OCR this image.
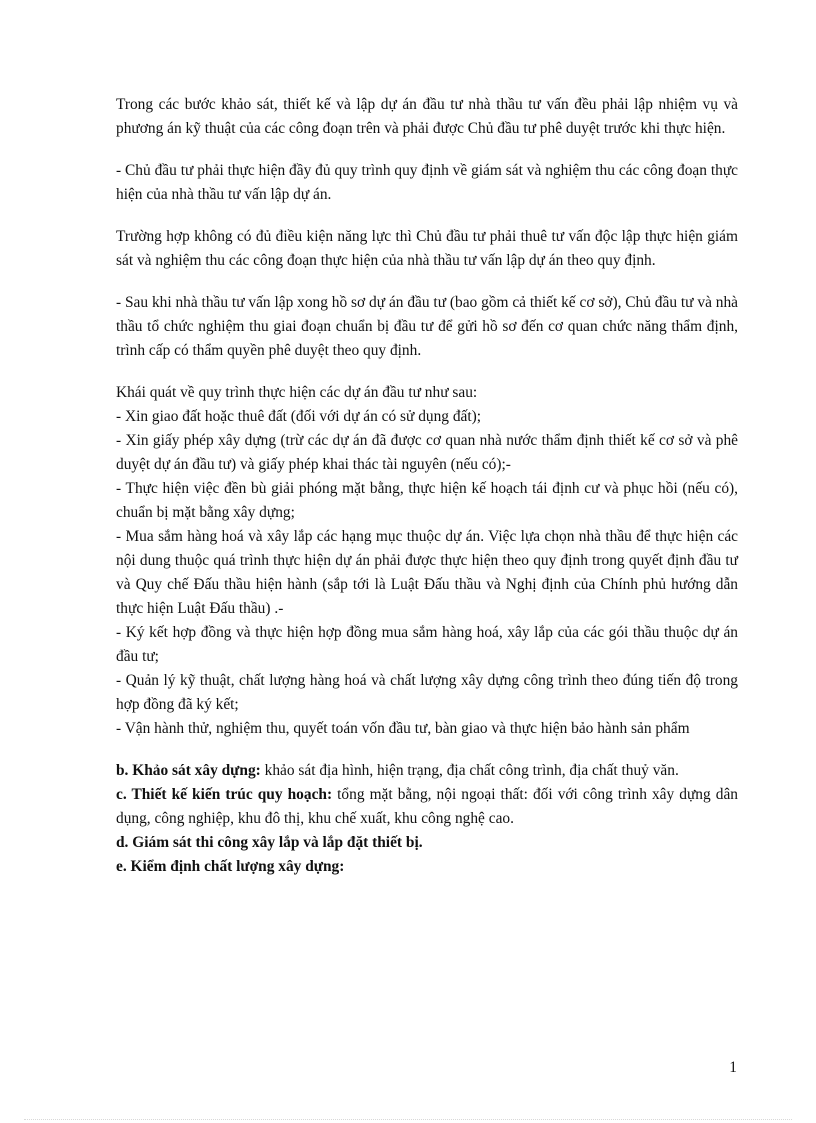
Trong các bước khảo sát, thiết kế và lập dự án đầu tư nhà thầu tư vấn đều phải lập nhiệm vụ và phương án kỹ thuật của các công đoạn trên và phải được Chủ đầu tư phê duyệt trước khi thực hiện.

- Chủ đầu tư phải thực hiện đầy đủ quy trình quy định về giám sát và nghiệm thu các công đoạn thực hiện của nhà thầu tư vấn lập dự án.

Trường hợp không có đủ điều kiện năng lực thì Chủ đầu tư phải thuê tư vấn độc lập thực hiện giám sát và nghiệm thu các công đoạn thực hiện của nhà thầu tư vấn lập dự án theo quy định.

- Sau khi nhà thầu tư vấn lập xong hồ sơ dự án đầu tư (bao gồm cả thiết kế cơ sở), Chủ đầu tư và nhà thầu tổ chức nghiệm thu giai đoạn chuẩn bị đầu tư để gửi hồ sơ đến cơ quan chức năng thẩm định, trình cấp có thẩm quyền phê duyệt theo quy định.

Khái quát về quy trình thực hiện các dự án đầu tư như sau:

- Xin giao đất hoặc thuê đất (đối với dự án có sử dụng đất);

- Xin giấy phép xây dựng (trừ các dự án đã được cơ quan nhà nước thẩm định thiết kế cơ sở và phê duyệt dự án đầu tư) và giấy phép khai thác tài nguyên (nếu có);-

- Thực hiện việc đền bù giải phóng mặt bằng, thực hiện kế hoạch tái định cư và phục hồi (nếu có), chuẩn bị mặt bằng xây dựng;

- Mua sắm hàng hoá và xây lắp các hạng mục thuộc dự án. Việc lựa chọn nhà thầu để thực hiện các nội dung thuộc quá trình thực hiện dự án phải được thực hiện theo quy định trong quyết định đầu tư và Quy chế Đấu thầu hiện hành (sắp tới là Luật Đấu thầu và Nghị định của Chính phủ hướng dẫn thực hiện Luật Đấu thầu) .-

- Ký kết hợp đồng và thực hiện hợp đồng mua sắm hàng hoá, xây lắp của các gói thầu thuộc dự án đầu tư;

- Quản lý kỹ thuật, chất lượng hàng hoá và chất lượng xây dựng công trình theo đúng tiến độ trong hợp đồng đã ký kết;

- Vận hành thử, nghiệm thu, quyết toán vốn đầu tư, bàn giao và thực hiện bảo hành sản phẩm

b. Khảo sát xây dựng: khảo sát địa hình, hiện trạng, địa chất công trình, địa chất thuỷ văn.

c. Thiết kế kiến trúc quy hoạch: tổng mặt bằng, nội ngoại thất: đối với công trình xây dựng dân dụng, công nghiệp, khu đô thị, khu chế xuất, khu công nghệ cao.

d. Giám sát thi công xây lắp và lắp đặt thiết bị.

e. Kiểm định chất lượng xây dựng:

1
